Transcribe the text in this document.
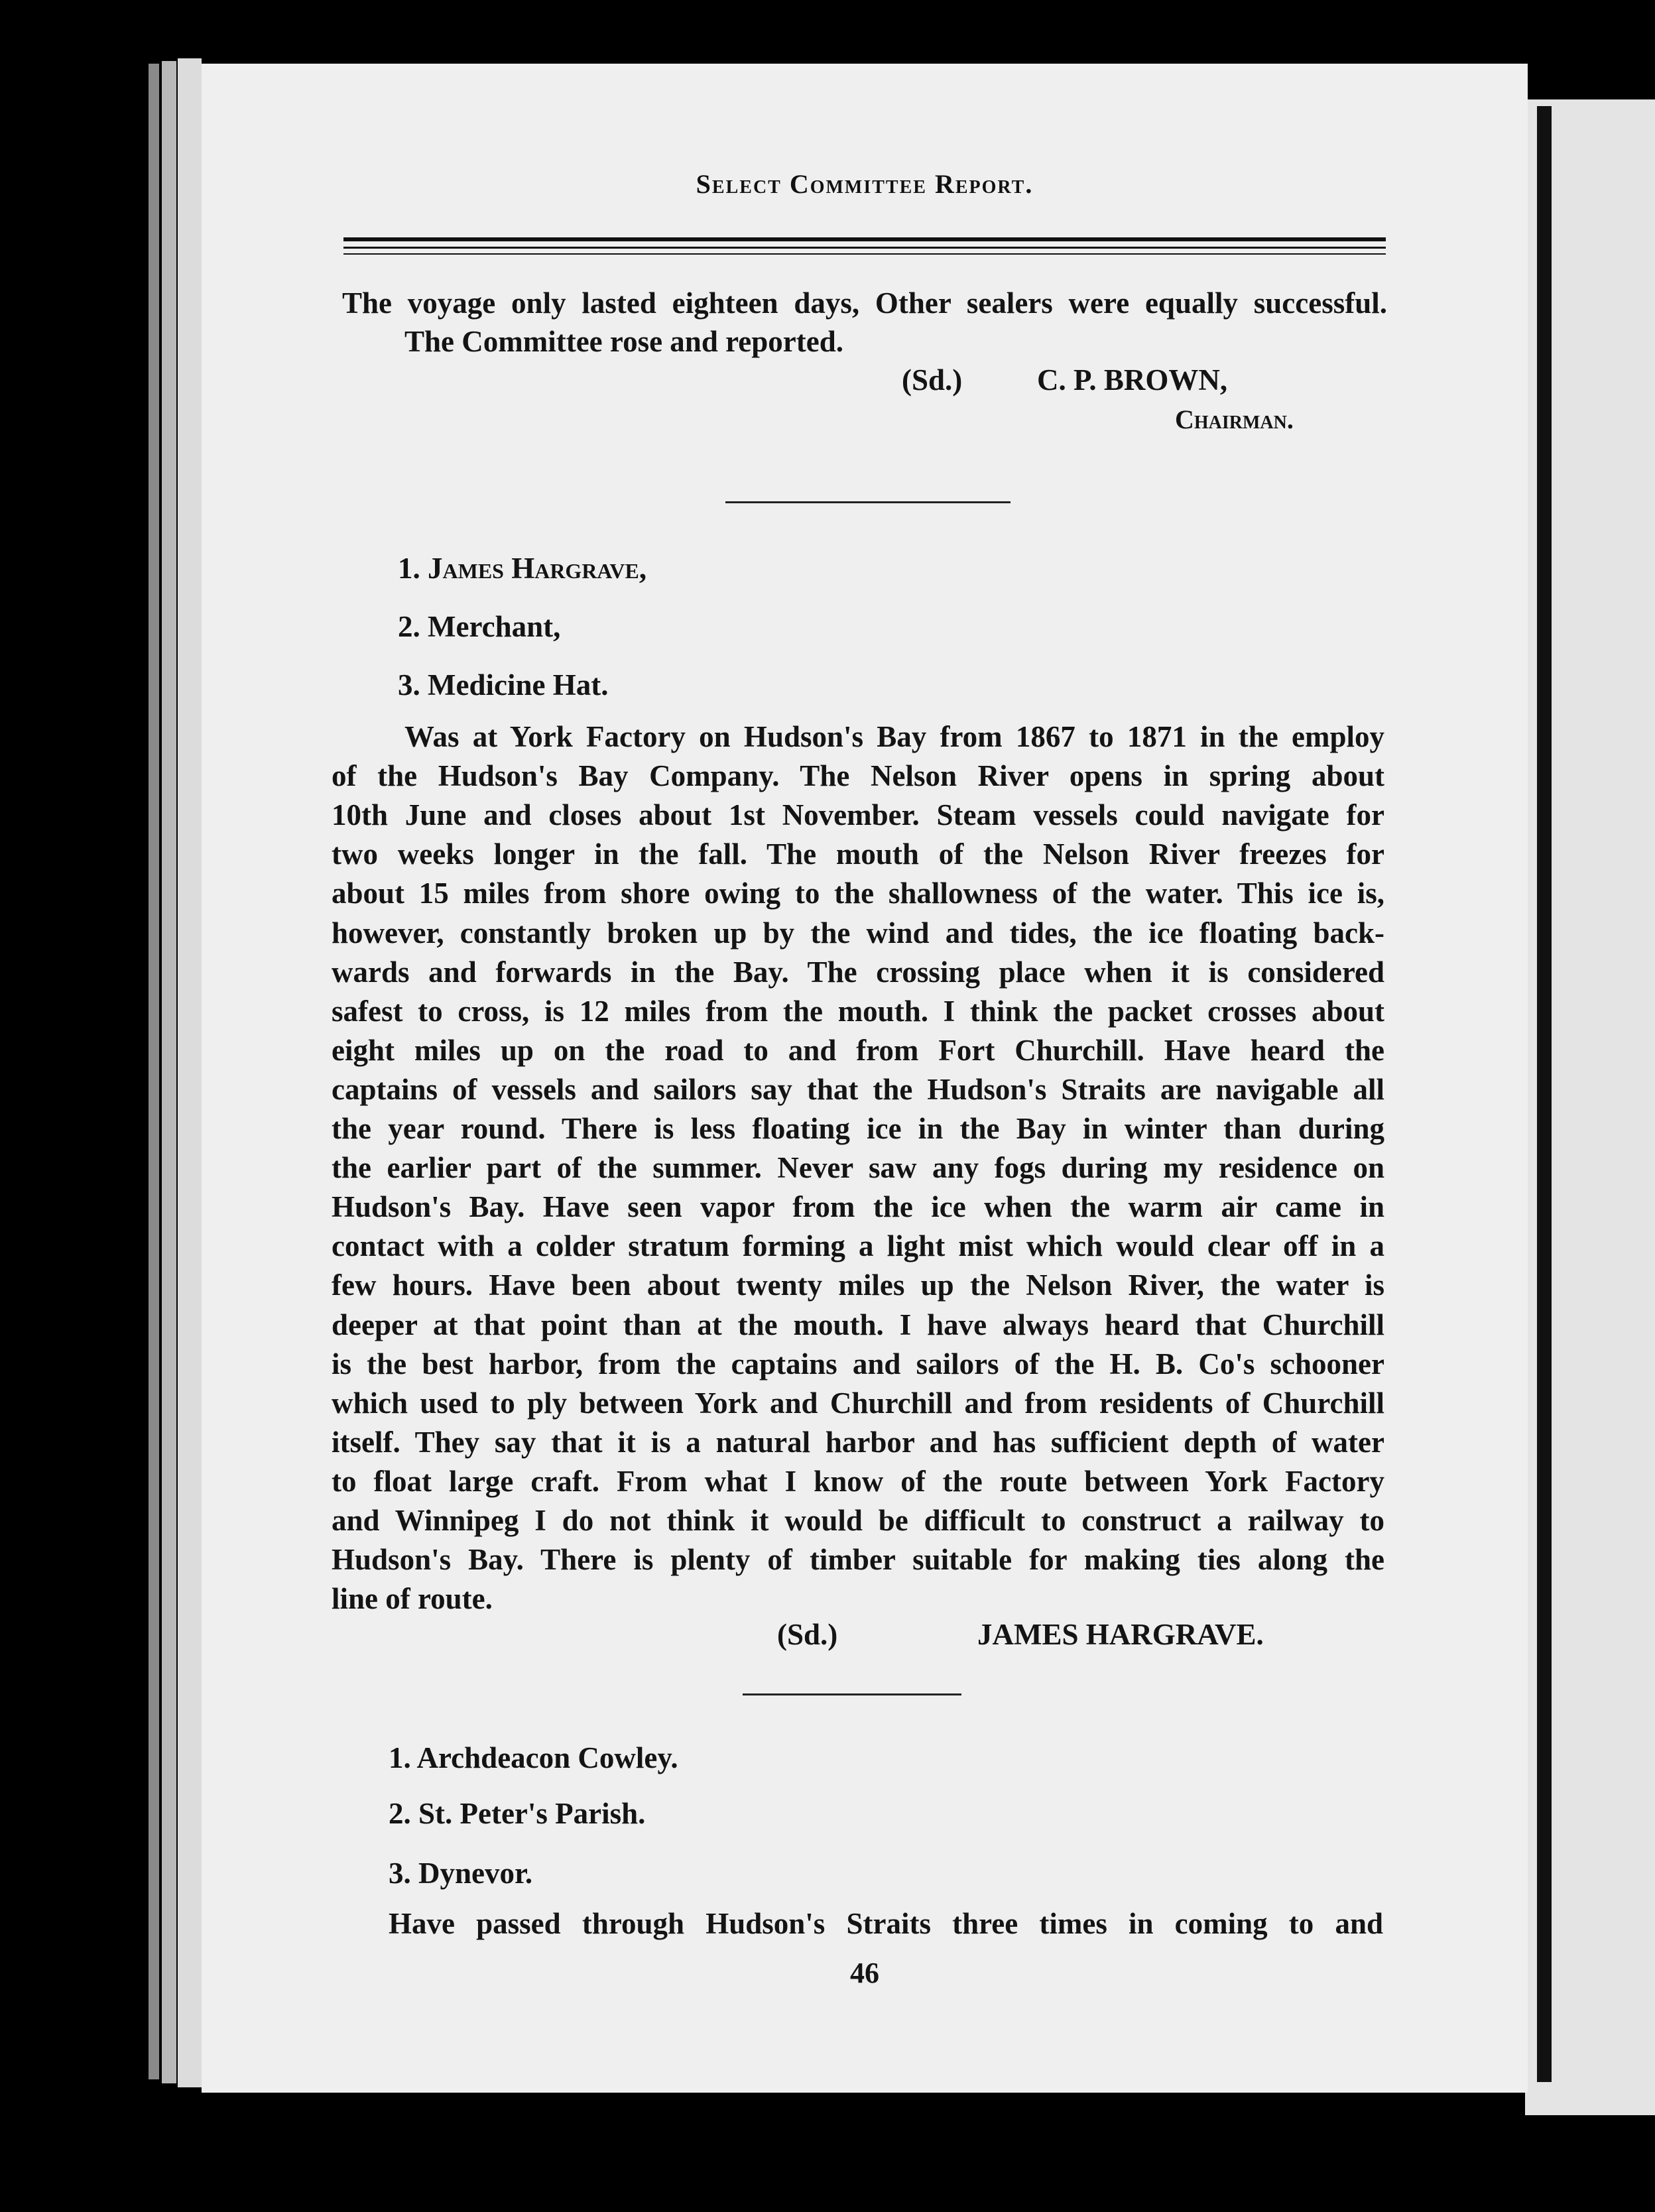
Select Committee Report.
The voyage only lasted eighteen days, Other sealers were equally successful.
The Committee rose and reported.
(Sd.)	C. P. BROWN,
Chairman.
1. James Hargrave,
2. Merchant,
3. Medicine Hat.
Was at York Factory on Hudson's Bay from 1867 to 1871 in the employ
of the Hudson's Bay Company. The Nelson River opens in spring about
10th June and closes about 1st November. Steam vessels could navigate for
two weeks longer in the fall. The mouth of the Nelson River freezes for
about 15 miles from shore owing to the shallowness of the water. This ice is,
however, constantly broken up by the wind and tides, the ice floating back-
wards and forwards in the Bay. The crossing place when it is considered
safest to cross, is 12 miles from the mouth. I think the packet crosses about
eight miles up on the road to and from Fort Churchill. Have heard the
captains of vessels and sailors say that the Hudson's Straits are navigable all
the year round. There is less floating ice in the Bay in winter than during
the earlier part of the summer. Never saw any fogs during my residence on
Hudson's Bay. Have seen vapor from the ice when the warm air came in
contact with a colder stratum forming a light mist which would clear off in a
few hours. Have been about twenty miles up the Nelson River, the water is
deeper at that point than at the mouth. I have always heard that Churchill
is the best harbor, from the captains and sailors of the H. B. Co's schooner
which used to ply between York and Churchill and from residents of Churchill
itself. They say that it is a natural harbor and has sufficient depth of water
to float large craft. From what I know of the route between York Factory
and Winnipeg I do not think it would be difficult to construct a railway to
Hudson's Bay. There is plenty of timber suitable for making ties along the
line of route.
(Sd.)	JAMES HARGRAVE.
1. Archdeacon Cowley.
2. St. Peter's Parish.
3. Dynevor.
Have passed through Hudson's Straits three times in coming to and
46
